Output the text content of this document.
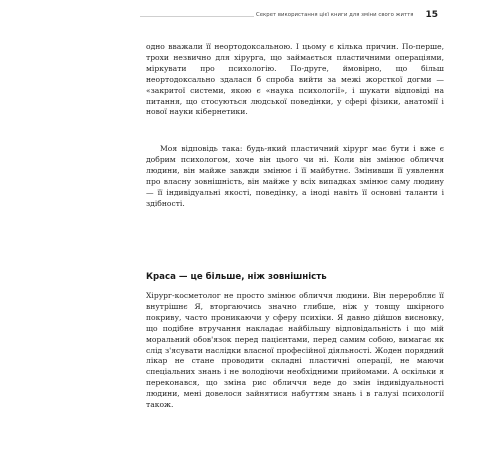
Секрет використання цієї книги для зміни свого життя 15

одно вважали її неортодоксальною. І цьому є кілька причин. По-перше, трохи незвично для хірурга, що займається пластичними операціями, міркувати про психологію. По-друге, ймовірно, що більш неортодоксально здалася б спроба вийти за межі жорсткої догми — «закритої системи, якою є «наука психології», і шукати відповіді на питання, що стосуються людської поведінки, у сфері фізики, анатомії і нової науки кібернетики.

Моя відповідь така: будь-який пластичний хірург має бути і вже є добрим психологом, хоче він цього чи ні. Коли він змінює обличчя людини, він майже завжди змінює і її майбутнє. Змінивши її уявлення про власну зовнішність, він майже у всіх випадках змінює саму людину — її індивідуальні якості, поведінку, а іноді навіть її основні таланти і здібності.

Краса — це більше, ніж зовнішність

Хірург-косметолог не просто змінює обличчя людини. Він переробляє її внутрішнє Я, вторгаючись значно глибше, ніж у товщу шкірного покриву, часто проникаючи у сферу психіки. Я давно дійшов висновку, що подібне втручання накладає найбільшу відповідальність і що мій моральний обов'язок перед пацієнтами, перед самим собою, вимагає як слід з'ясувати наслідки власної професійної діяльності. Жоден порядний лікар не стане проводити складні пластичні операції, не маючи спеціальних знань і не володіючи необхідними прийомами. А оскільки я переконався, що зміна рис обличчя веде до змін індивідуальності людини, мені довелося зайнятися набуттям знань і в галузі психології також.
